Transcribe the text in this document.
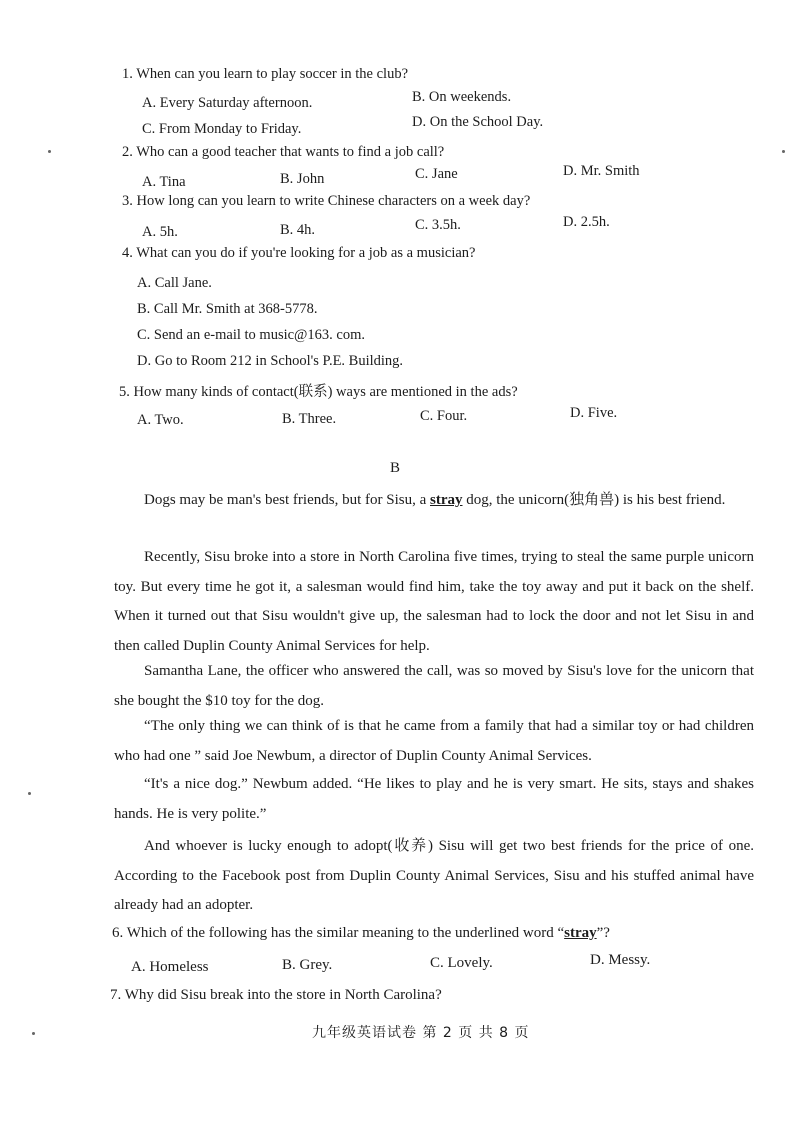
1. When can you learn to play soccer in the club?
A. Every Saturday afternoon.	B. On weekends.
C. From Monday to Friday.	D. On the School Day.
2. Who can a good teacher that wants to find a job call?
A. Tina	B. John	C. Jane	D. Mr. Smith
3. How long can you learn to write Chinese characters on a week day?
A. 5h.	B. 4h.	C. 3.5h.	D. 2.5h.
4. What can you do if you're looking for a job as a musician?
A. Call Jane.
B. Call Mr. Smith at 368-5778.
C. Send an e-mail to music@163. com.
D. Go to Room 212 in School's P.E. Building.
5. How many kinds of contact(联系) ways are mentioned in the ads?
A. Two.	B. Three.	C. Four.	D. Five.
B
Dogs may be man's best friends, but for Sisu, a stray dog, the unicorn(独角兽) is his best friend.
Recently, Sisu broke into a store in North Carolina five times, trying to steal the same purple unicorn toy. But every time he got it, a salesman would find him, take the toy away and put it back on the shelf. When it turned out that Sisu wouldn't give up, the salesman had to lock the door and not let Sisu in and then called Duplin County Animal Services for help.
Samantha Lane, the officer who answered the call, was so moved by Sisu's love for the unicorn that she bought the $10 toy for the dog.
“The only thing we can think of is that he came from a family that had a similar toy or had children who had one ” said Joe Newbum, a director of Duplin County Animal Services.
“It's a nice dog.” Newbum added. “He likes to play and he is very smart. He sits, stays and shakes hands. He is very polite.”
And whoever is lucky enough to adopt(收养) Sisu will get two best friends for the price of one. According to the Facebook post from Duplin County Animal Services, Sisu and his stuffed animal have already had an adopter.
6. Which of the following has the similar meaning to the underlined word “stray”?
A. Homeless	B. Grey.	C. Lovely.	D. Messy.
7. Why did Sisu break into the store in North Carolina?
九年级英语试卷 第 2 页 共 8 页
